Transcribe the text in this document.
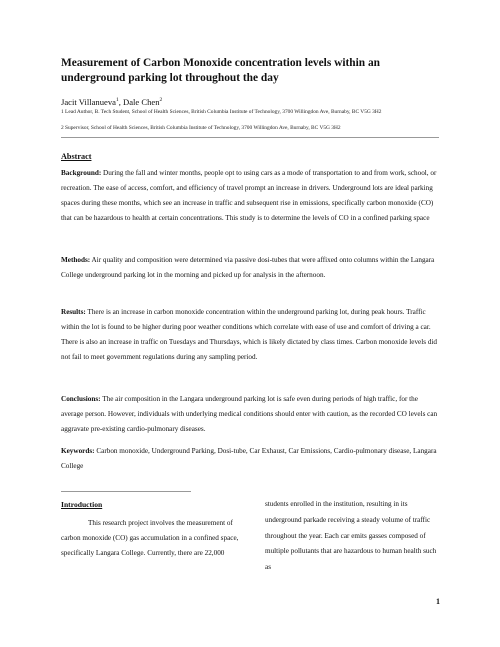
Measurement of Carbon Monoxide concentration levels within an underground parking lot throughout the day
Jacit Villanueva$^1$, Dale Chen$^2$
1 Lead Author, B. Tech Student, School of Health Sciences, British Columbia Institute of Technology, 3700 Willingdon Ave, Burnaby, BC V5G 3H2
2 Supervisor, School of Health Sciences, British Columbia Institute of Technology, 3700 Willingdon Ave, Burnaby, BC V5G 3H2
Abstract
Background: During the fall and winter months, people opt to using cars as a mode of transportation to and from work, school, or recreation. The ease of access, comfort, and efficiency of travel prompt an increase in drivers. Underground lots are ideal parking spaces during these months, which see an increase in traffic and subsequent rise in emissions, specifically carbon monoxide (CO) that can be hazardous to health at certain concentrations. This study is to determine the levels of CO in a confined parking space
Methods: Air quality and composition were determined via passive dosi-tubes that were affixed onto columns within the Langara College underground parking lot in the morning and picked up for analysis in the afternoon.
Results: There is an increase in carbon monoxide concentration within the underground parking lot, during peak hours. Traffic within the lot is found to be higher during poor weather conditions which correlate with ease of use and comfort of driving a car. There is also an increase in traffic on Tuesdays and Thursdays, which is likely dictated by class times. Carbon monoxide levels did not fail to meet government regulations during any sampling period.
Conclusions: The air composition in the Langara underground parking lot is safe even during periods of high traffic, for the average person. However, individuals with underlying medical conditions should enter with caution, as the recorded CO levels can aggravate pre-existing cardio-pulmonary diseases.
Keywords: Carbon monoxide, Underground Parking, Dosi-tube, Car Exhaust, Car Emissions, Cardio-pulmonary disease, Langara College
Introduction
This research project involves the measurement of carbon monoxide (CO) gas accumulation in a confined space, specifically Langara College. Currently, there are 22,000
students enrolled in the institution, resulting in its underground parkade receiving a steady volume of traffic throughout the year. Each car emits gasses composed of multiple pollutants that are hazardous to human health such as
1
